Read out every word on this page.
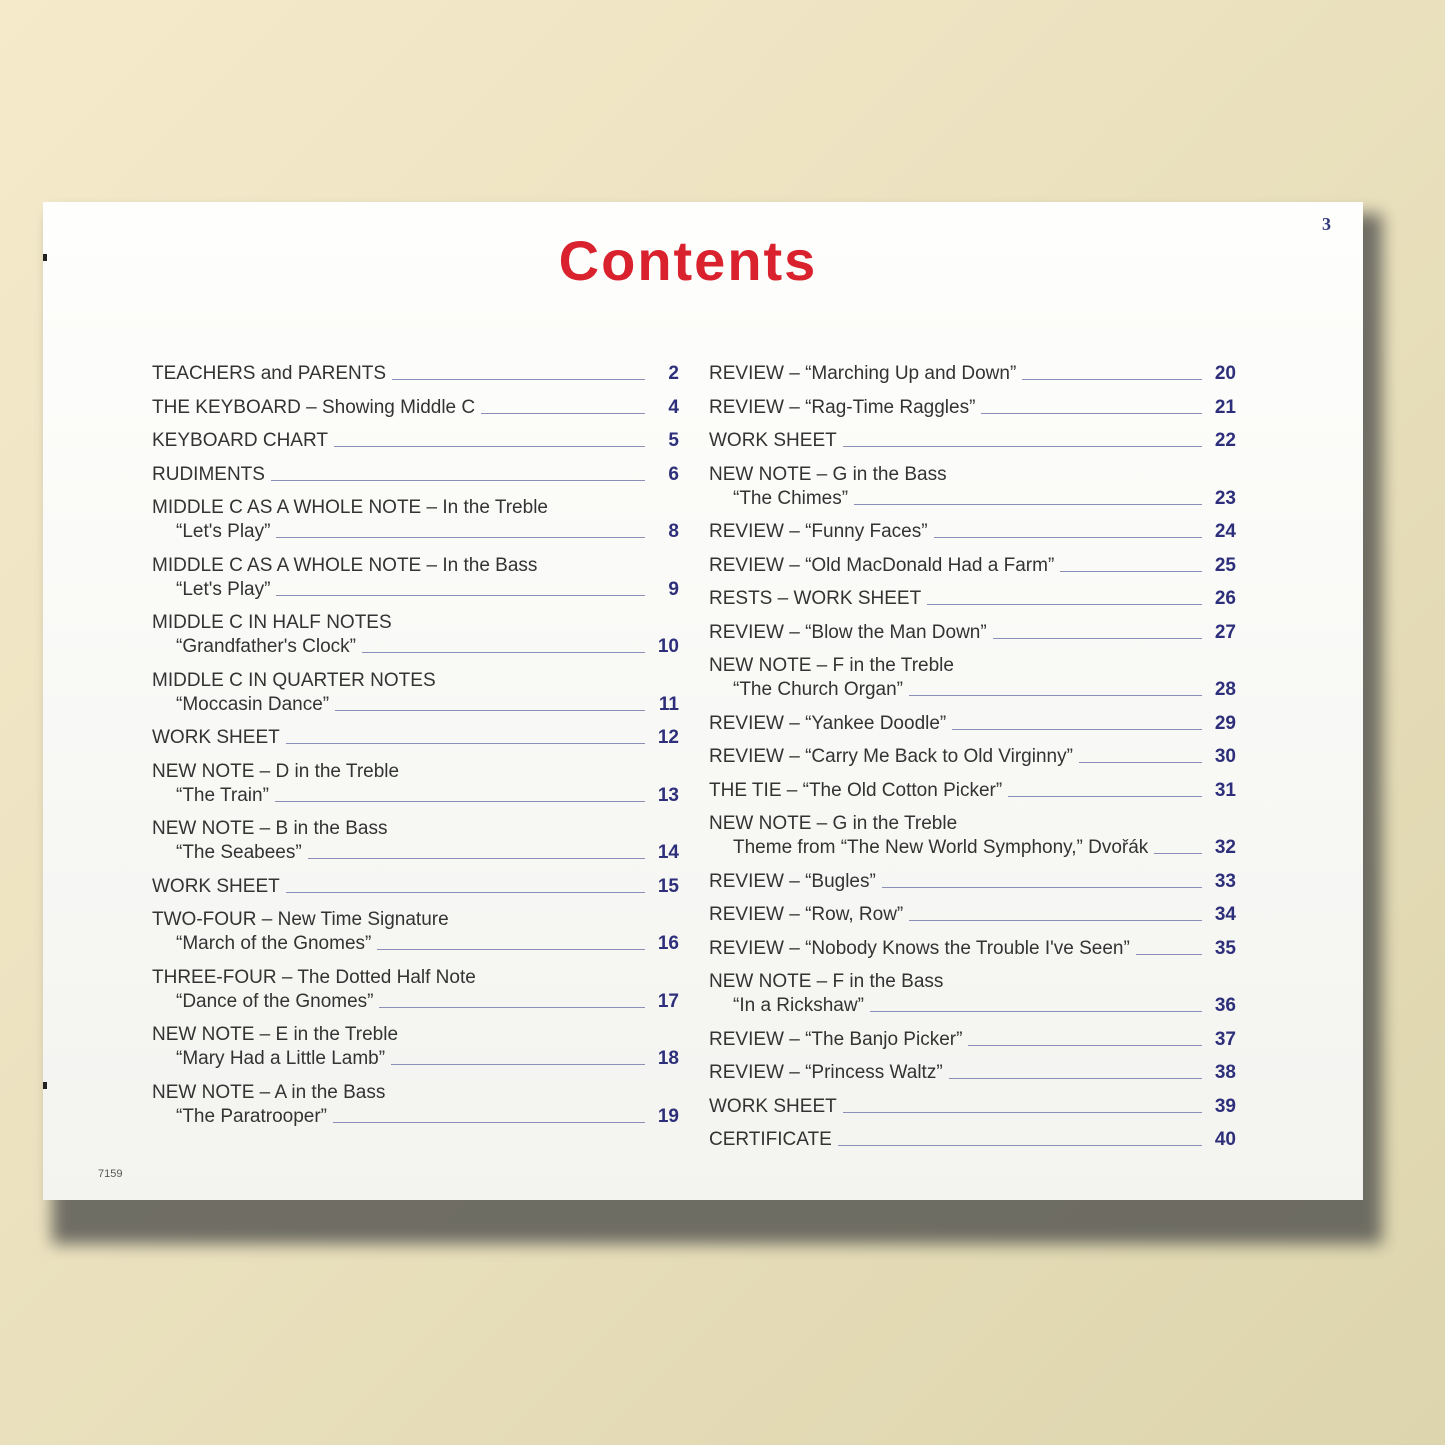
3
Contents
TEACHERS and PARENTS	2
THE KEYBOARD – Showing Middle C	4
KEYBOARD CHART	5
RUDIMENTS	6
MIDDLE C AS A WHOLE NOTE – In the Treble
“Let's Play”	8
MIDDLE C AS A WHOLE NOTE – In the Bass
“Let's Play”	9
MIDDLE C IN HALF NOTES
“Grandfather's Clock”	10
MIDDLE C IN QUARTER NOTES
“Moccasin Dance”	11
WORK SHEET	12
NEW NOTE – D in the Treble
“The Train”	13
NEW NOTE – B in the Bass
“The Seabees”	14
WORK SHEET	15
TWO-FOUR – New Time Signature
“March of the Gnomes”	16
THREE-FOUR – The Dotted Half Note
“Dance of the Gnomes”	17
NEW NOTE – E in the Treble
“Mary Had a Little Lamb”	18
NEW NOTE – A in the Bass
“The Paratrooper”	19
REVIEW – “Marching Up and Down”	20
REVIEW – “Rag-Time Raggles”	21
WORK SHEET	22
NEW NOTE – G in the Bass
“The Chimes”	23
REVIEW – “Funny Faces”	24
REVIEW – “Old MacDonald Had a Farm”	25
RESTS – WORK SHEET	26
REVIEW – “Blow the Man Down”	27
NEW NOTE – F in the Treble
“The Church Organ”	28
REVIEW – “Yankee Doodle”	29
REVIEW – “Carry Me Back to Old Virginny”	30
THE TIE – “The Old Cotton Picker”	31
NEW NOTE – G in the Treble
Theme from “The New World Symphony,” Dvořák	32
REVIEW – “Bugles”	33
REVIEW – “Row, Row”	34
REVIEW – “Nobody Knows the Trouble I've Seen”	35
NEW NOTE – F in the Bass
“In a Rickshaw”	36
REVIEW – “The Banjo Picker”	37
REVIEW – “Princess Waltz”	38
WORK SHEET	39
CERTIFICATE	40
7159
